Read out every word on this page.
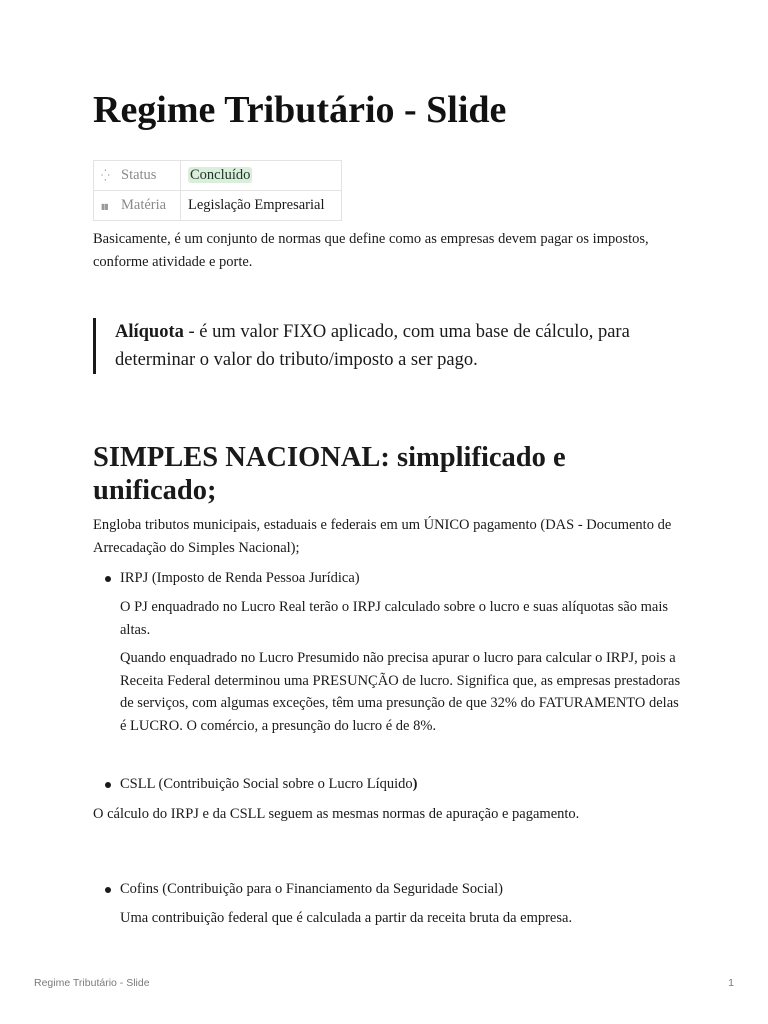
Regime Tributário - Slide
⁛ Status	Concluído
▮▮ Matéria	Legislação Empresarial

Basicamente, é um conjunto de normas que define como as empresas devem pagar os impostos, conforme atividade e porte.

Alíquota - é um valor FIXO aplicado, com uma base de cálculo, para determinar o valor do tributo/imposto a ser pago.
SIMPLES NACIONAL: simplificado e unificado;

Engloba tributos municipais, estaduais e federais em um ÚNICO pagamento (DAS - Documento de Arrecadação do Simples Nacional);

IRPJ (Imposto de Renda Pessoa Jurídica)

O PJ enquadrado no Lucro Real terão o IRPJ calculado sobre o lucro e suas alíquotas são mais altas.

Quando enquadrado no Lucro Presumido não precisa apurar o lucro para calcular o IRPJ, pois a Receita Federal determinou uma PRESUNÇÃO de lucro. Significa que, as empresas prestadoras de serviços, com algumas exceções, têm uma presunção de que 32% do FATURAMENTO delas é LUCRO. O comércio, a presunção do lucro é de 8%.

CSLL (Contribuição Social sobre o Lucro Líquido)

O cálculo do IRPJ e da CSLL seguem as mesmas normas de apuração e pagamento.

Cofins (Contribuição para o Financiamento da Seguridade Social)

Uma contribuição federal que é calculada a partir da receita bruta da empresa.

Regime Tributário - Slide	1
